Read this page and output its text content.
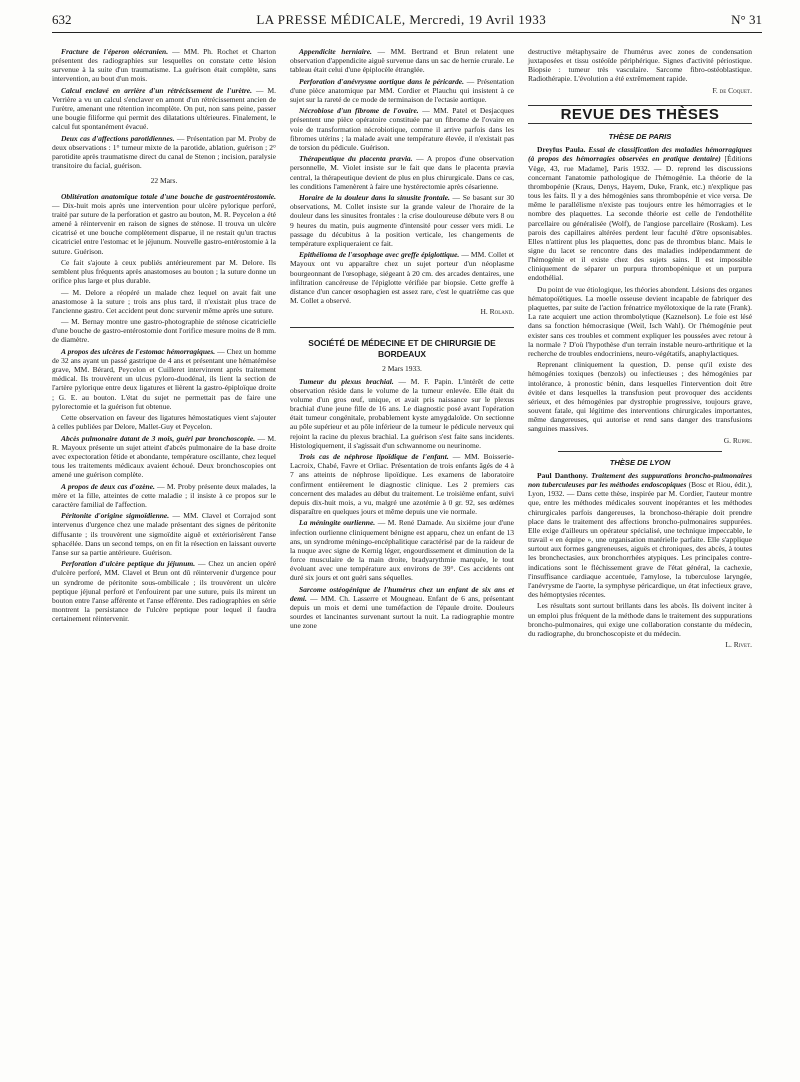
632	LA PRESSE MÉDICALE, Mercredi, 19 Avril 1933	N° 31

Fracture de l'éperon olécranien. — MM. Ph. Rochet et Charton présentent des radiographies sur lesquelles on constate cette lésion survenue à la suite d'un traumatisme. La guérison était complète, sans intervention, au bout d'un mois.

Calcul enclavé en arrière d'un rétrécissement de l'urètre. — M. Verrière a vu un calcul s'enclaver en amont d'un rétrécissement ancien de l'urètre, amenant une rétention incomplète. On put, non sans peine, passer une bougie filiforme qui permit des dilatations ultérieures. Finalement, le calcul fut spontanément évacué.

Deux cas d'affections parotidiennes. — Présentation par M. Proby de deux observations : 1° tumeur mixte de la parotide, ablation, guérison ; 2° parotidite après traumatisme direct du canal de Stenon ; incision, paralysie transitoire du facial, guérison.

22 Mars.

Oblitération anatomique totale d'une bouche de gastroentérostomie. — Dix-huit mois après une intervention pour ulcère pylorique perforé, traité par suture de la perforation et gastro au bouton, M. R. Peycelon a été amené à réintervenir en raison de signes de sténose. Il trouva un ulcère cicatrisé et une bouche complètement disparue, il ne restait qu'un tractus cicatriciel entre l'estomac et le jéjunum. Nouvelle gastro-entérostomie à la suture. Guérison.

Ce fait s'ajoute à ceux publiés antérieurement par M. Delore. Ils semblent plus fréquents après anastomoses au bouton ; la suture donne un orifice plus large et plus durable.

— M. Delore a réopéré un malade chez lequel on avait fait une anastomose à la suture ; trois ans plus tard, il n'existait plus trace de l'ancienne gastro. Cet accident peut donc survenir même après une suture.

— M. Bernay montre une gastro-photographie de sténose cicatricielle d'une bouche de gastro-entérostomie dont l'orifice mesure moins de 8 mm. de diamètre.

A propos des ulcères de l'estomac hémorragiques. — Chez un homme de 32 ans ayant un passé gastrique de 4 ans et présentant une hématémèse grave, MM. Bérard, Peycelon et Cuilleret intervinrent après traitement médical. Ils trouvèrent un ulcus pyloro-duodénal, ils lient la section de l'artère pylorique entre deux ligatures et lièrent la gastro-épiploïque droite ; G. E. au bouton. L'état du sujet ne permettait pas de faire une pylorectomie et la guérison fut obtenue.

Cette observation en faveur des ligatures hémostatiques vient s'ajouter à celles publiées par Delore, Mallet-Guy et Peycelon.

Abcès pulmonaire datant de 3 mois, guéri par bronchoscopie. — M. R. Mayoux présente un sujet atteint d'abcès pulmonaire de la base droite avec expectoration fétide et abondante, température oscillante, chez lequel tous les traitements médicaux avaient échoué. Deux bronchoscopies ont amené une guérison complète.

A propos de deux cas d'ozène. — M. Proby présente deux malades, la mère et la fille, atteintes de cette maladie ; il insiste à ce propos sur le caractère familial de l'affection.

Péritonite d'origine sigmoïdienne. — MM. Clavel et Corrajod sont intervenus d'urgence chez une malade présentant des signes de péritonite diffusante ; ils trouvèrent une sigmoïdite aiguë et extériorisèrent l'anse sphacélée. Dans un second temps, on en fit la résection en laissant ouverte l'anse sur sa partie antérieure. Guérison.

Perforation d'ulcère peptique du jéjunum. — Chez un ancien opéré d'ulcère perforé, MM. Clavel et Brun ont dû réintervenir d'urgence pour un syndrome de péritonite sous-ombilicale ; ils trouvèrent un ulcère peptique jéjunal perforé et l'enfouirent par une suture, puis ils mirent un bouton entre l'anse afférente et l'anse efférente. Des radiographies en série montrent la persistance de l'ulcère peptique pour lequel il faudra certainement réintervenir.

Appendicite herniaire. — MM. Bertrand et Brun relatent une observation d'appendicite aiguë survenue dans un sac de hernie crurale. Le tableau était celui d'une épiplocèle étranglée.

Perforation d'anévrysme aortique dans le péricarde. — Présentation d'une pièce anatomique par MM. Cordier et Plauchu qui insistent à ce sujet sur la rareté de ce mode de terminaison de l'ectasie aortique.

Nécrobiose d'un fibrome de l'ovaire. — MM. Patel et Desjacques présentent une pièce opératoire constituée par un fibrome de l'ovaire en voie de transformation nécrobiotique, comme il arrive parfois dans les fibromes utérins ; la malade avait une température élevée, il n'existait pas de torsion du pédicule. Guérison.

Thérapeutique du placenta prævia. — A propos d'une observation personnelle, M. Violet insiste sur le fait que dans le placenta prævia central, la thérapeutique devient de plus en plus chirurgicale. Dans ce cas, les conditions l'amenèrent à faire une hystérectomie après césarienne.

Horaire de la douleur dans la sinusite frontale. — Se basant sur 30 observations, M. Collet insiste sur la grande valeur de l'horaire de la douleur dans les sinusites frontales : la crise douloureuse débute vers 8 ou 9 heures du matin, puis augmente d'intensité pour cesser vers midi. Le passage du décubitus à la position verticale, les changements de température expliqueraient ce fait.

Epithélioma de l'œsophage avec greffe épiglottique. — MM. Collet et Mayoux ont vu apparaître chez un sujet porteur d'un néoplasme bourgeonnant de l'œsophage, siégeant à 20 cm. des arcades dentaires, une infiltration cancéreuse de l'épiglotte vérifiée par biopsie. Cette greffe à distance d'un cancer œsophagien est assez rare, c'est le quatrième cas que M. Collet a observé.

H. Roland.
SOCIÉTÉ DE MÉDECINE ET DE CHIRURGIE DE BORDEAUX
2 Mars 1933.

Tumeur du plexus brachial. — M. F. Papin. L'intérêt de cette observation réside dans le volume de la tumeur enlevée. Elle était du volume d'un gros œuf, unique, et avait pris naissance sur le plexus brachial d'une jeune fille de 16 ans. Le diagnostic posé avant l'opération était tumeur congénitale, probablement kyste amygdaloïde. On sectionne au pôle supérieur et au pôle inférieur de la tumeur le pédicule nerveux qui rejoint la racine du plexus brachial. La guérison s'est faite sans incidents. Histologiquement, il s'agissait d'un schwannome ou neurinome.

Trois cas de néphrose lipoïdique de l'enfant. — MM. Boisserie-Lacroix, Chabé, Favre et Orliac. Présentation de trois enfants âgés de 4 à 7 ans atteints de néphrose lipoïdique. Les examens de laboratoire confirment entièrement le diagnostic clinique. Les 2 premiers cas concernent des malades au début du traitement. Le troisième enfant, suivi depuis dix-huit mois, a vu, malgré une azotémie à 0 gr. 92, ses œdèmes disparaître en quelques jours et même depuis une vie normale.

La méningite ourlienne. — M. René Damade. Au sixième jour d'une infection ourlienne cliniquement bénigne est apparu, chez un enfant de 13 ans, un syndrome méningo-encéphalitique caractérisé par de la raideur de la nuque avec signe de Kernig léger, engourdissement et diminution de la force musculaire de la main droite, bradyarythmie marquée, le tout évoluant avec une température aux environs de 39°. Ces accidents ont duré six jours et ont guéri sans séquelles.

Sarcome ostéogénique de l'humérus chez un enfant de six ans et demi. — MM. Ch. Lasserre et Mougneau. Enfant de 6 ans, présentant depuis un mois et demi une tuméfaction de l'épaule droite. Douleurs sourdes et lancinantes survenant surtout la nuit. La radiographie montre une zone

destructive métaphysaire de l'humérus avec zones de condensation juxtaposées et tissu ostéoïde périphérique. Signes d'activité périostique. Biopsie : tumeur très vasculaire. Sarcome fibro-ostéoblastique. Radiothérapie. L'évolution a été extrêmement rapide.

F. de Coquet.
REVUE DES THÈSES
THÈSE DE PARIS

Dreyfus Paula. Essai de classification des maladies hémorragiques (à propos des hémorragies observées en pratique dentaire) [Éditions Vège, 43, rue Madame], Paris 1932. — D. reprend les discussions concernant l'anatomie pathologique de l'hémogénie. La théorie de la thrombopénie (Kraus, Denys, Hayem, Duke, Frank, etc.) n'explique pas tous les faits. Il y a des hémogénies sans thrombopénie et vice versa. De même le parallélisme n'existe pas toujours entre les hémorragies et le nombre des plaquettes. La seconde théorie est celle de l'endothélite parcellaire ou généralisée (Wolf), de l'angiose parcellaire (Roskam). Les parois des capillaires altérées perdent leur faculté d'être opsonisables. Elles n'attirent plus les plaquettes, donc pas de thrombus blanc. Mais le signe du lacet se rencontre dans des maladies indépendamment de l'hémogénie et il existe chez des sujets sains. Il est impossible cliniquement de séparer un purpura thrombopénique et un purpura endothélial.

Du point de vue étiologique, les théories abondent. Lésions des organes hématopoïétiques. La moelle osseuse devient incapable de fabriquer des plaquettes, par suite de l'action frénatrice myélotoxique de la rate (Frank). La rate acquiert une action thrombolytique (Kaznelson). Le foie est lésé dans sa fonction hémocrasique (Weil, Isch Wahl). Or l'hémogénie peut exister sans ces troubles et comment expliquer les poussées avec retour à la normale ? D'où l'hypothèse d'un terrain instable neuro-arthritique et la recherche de troubles endocriniens, neuro-végétatifs, anaphylactiques.

Reprenant cliniquement la question, D. pense qu'il existe des hémogénies toxiques (benzols) ou infectieuses ; des hémogénies par intolérance, à pronostic bénin, dans lesquelles l'intervention doit être évitée et dans lesquelles la transfusion peut provoquer des accidents sérieux, et des hémogénies par dystrophie progressive, toujours grave, souvent fatale, qui légitime des interventions chirurgicales importantes, même dangereuses, qui autorise et rend sans danger des transfusions sanguines massives.

G. Ruppe.
THÈSE DE LYON

Paul Danthony. Traitement des suppurations broncho-pulmonaires non tuberculeuses par les méthodes endoscopiques (Bosc et Riou, édit.), Lyon, 1932. — Dans cette thèse, inspirée par M. Cordier, l'auteur montre que, entre les méthodes médicales souvent inopérantes et les méthodes chirurgicales parfois dangereuses, la bronchoso-thérapie doit prendre place dans le traitement des affections broncho-pulmonaires suppurées. Elle exige d'ailleurs un opérateur spécialisé, une technique impeccable, le travail « en équipe », une organisation matérielle parfaite. Elle s'applique surtout aux formes gangreneuses, aiguës et chroniques, des abcès, à toutes les bronchectasies, aux bronchorrhées atypiques. Les principales contre-indications sont le fléchissement grave de l'état général, la cachexie, l'insuffisance cardiaque accentuée, l'amylose, la tuberculose laryngée, l'anévrysme de l'aorte, la symphyse péricardique, un état infectieux grave, des hémoptysies récentes.

Les résultats sont surtout brillants dans les abcès. Ils doivent inciter à un emploi plus fréquent de la méthode dans le traitement des suppurations broncho-pulmonaires, qui exige une collaboration constante du médecin, du radiographe, du bronchoscopiste et du médecin.

L. Rivet.
